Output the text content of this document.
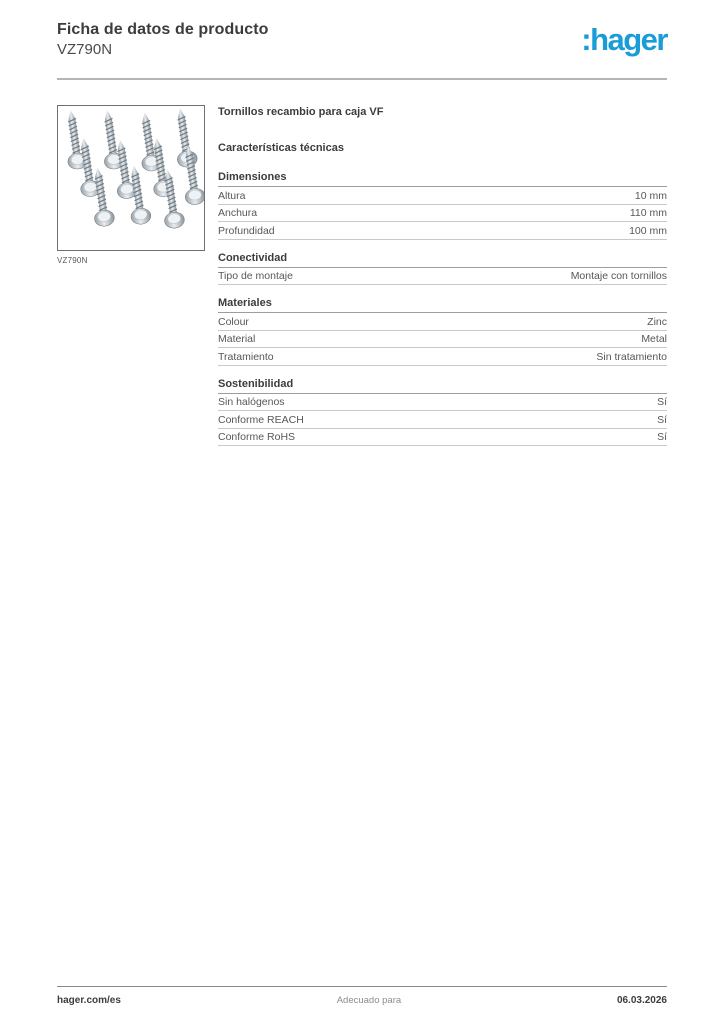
Ficha de datos de producto
VZ790N	:hager
VZ790N
Tornillos recambio para caja VF
Características técnicas
Dimensiones
Altura	10 mm
Anchura	110 mm
Profundidad	100 mm
Conectividad
Tipo de montaje	Montaje con tornillos
Materiales
Colour	Zinc
Material	Metal
Tratamiento	Sin tratamiento
Sostenibilidad
Sin halógenos	Sí
Conforme REACH	Sí
Conforme RoHS	Sí
hager.com/es	Adecuado para	06.03.2026
